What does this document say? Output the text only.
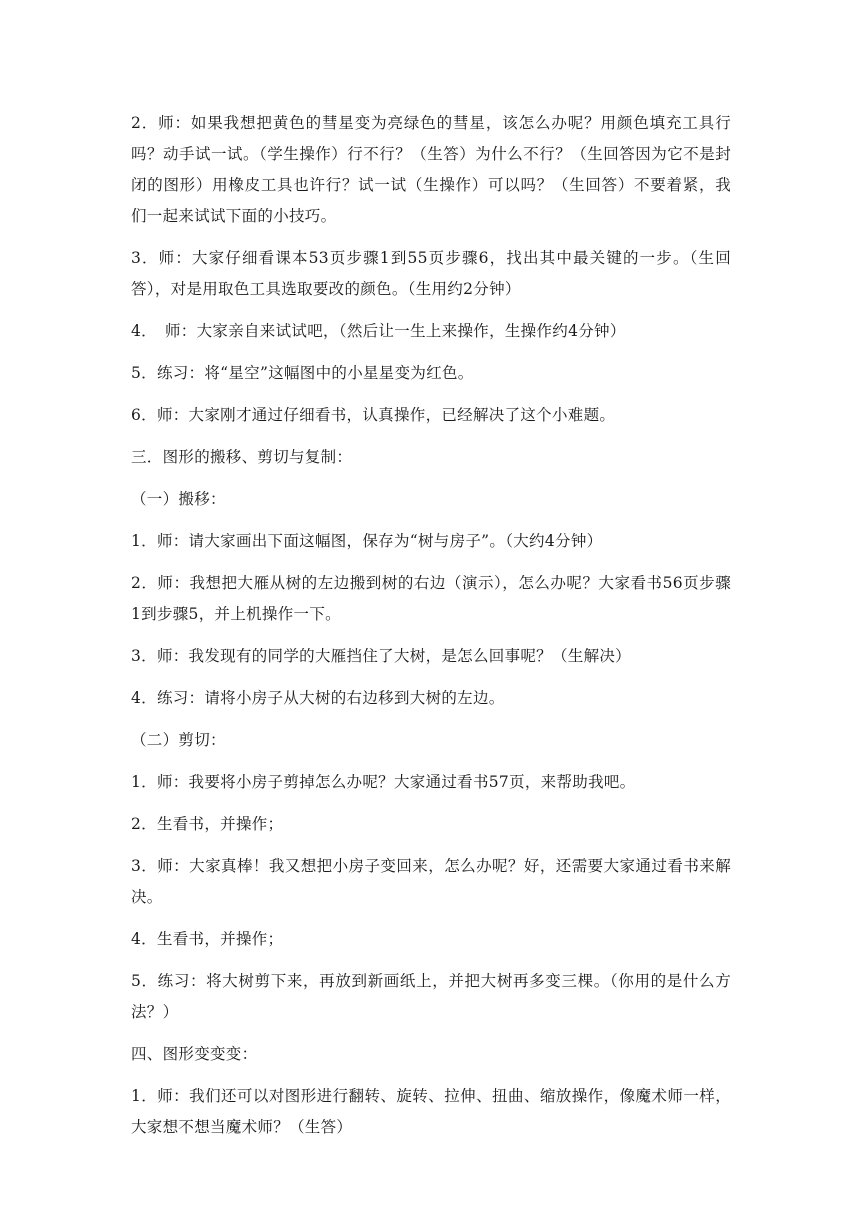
2．师：如果我想把黄色的彗星变为亮绿色的彗星，该怎么办呢？用颜色填充工具行吗？动手试一试。（学生操作）行不行？（生答）为什么不行？（生回答因为它不是封闭的图形）用橡皮工具也许行？试一试（生操作）可以吗？（生回答）不要着紧，我们一起来试试下面的小技巧。

3．师：大家仔细看课本53页步骤1到55页步骤6，找出其中最关键的一步。（生回答），对是用取色工具选取要改的颜色。（生用约2分钟）

4．　师：大家亲自来试试吧，（然后让一生上来操作，生操作约4分钟）

5．练习：将“星空”这幅图中的小星星变为红色。

6．师：大家刚才通过仔细看书，认真操作，已经解决了这个小难题。

三．图形的搬移、剪切与复制：

（一）搬移：

1．师：请大家画出下面这幅图，保存为“树与房子”。（大约4分钟）

2．师：我想把大雁从树的左边搬到树的右边（演示），怎么办呢？大家看书56页步骤1到步骤5，并上机操作一下。

3．师：我发现有的同学的大雁挡住了大树，是怎么回事呢？（生解决）

4．练习：请将小房子从大树的右边移到大树的左边。

（二）剪切：

1．师：我要将小房子剪掉怎么办呢？大家通过看书57页，来帮助我吧。

2．生看书，并操作；

3．师：大家真棒！我又想把小房子变回来，怎么办呢？好，还需要大家通过看书来解决。

4．生看书，并操作；

5．练习：将大树剪下来，再放到新画纸上，并把大树再多变三棵。（你用的是什么方法？）

四、图形变变变：

1．师：我们还可以对图形进行翻转、旋转、拉伸、扭曲、缩放操作，像魔术师一样，大家想不想当魔术师？（生答）
